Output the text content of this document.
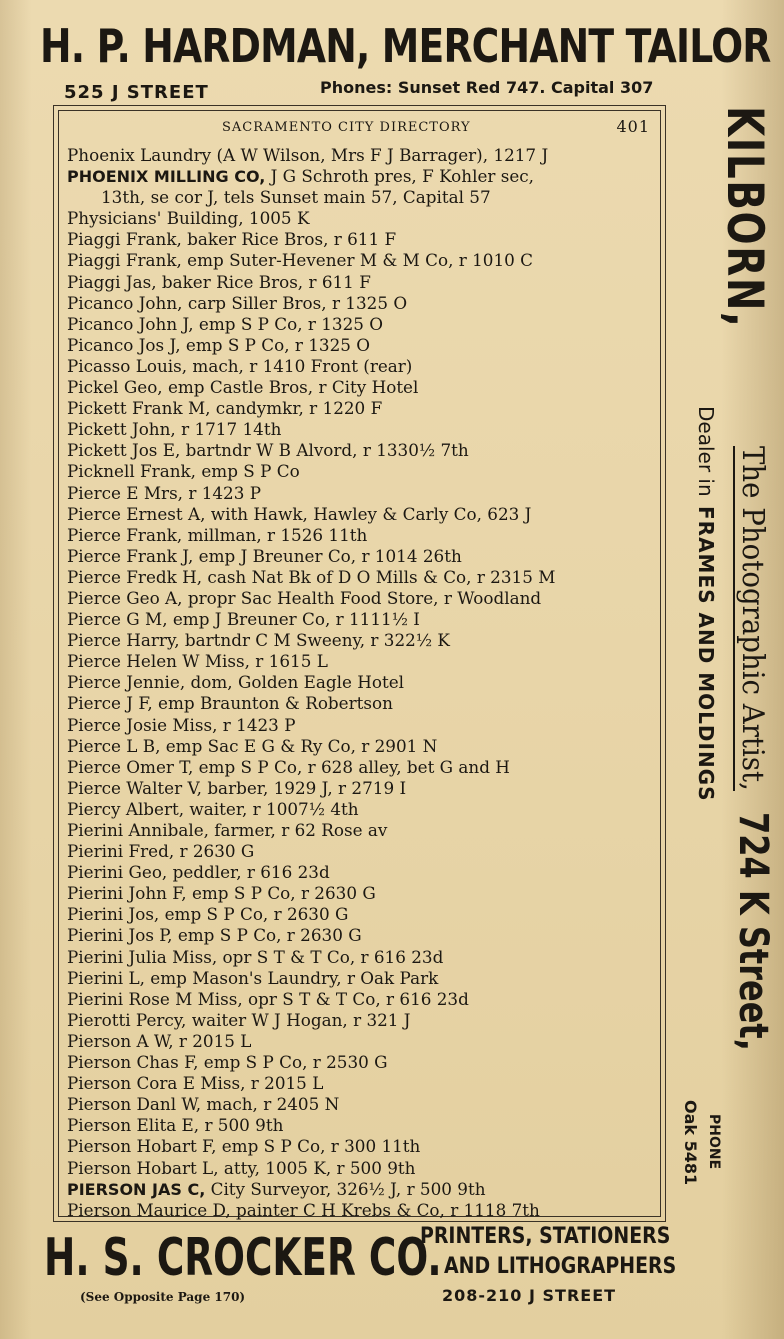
H. P. HARDMAN, MERCHANT TAILOR
525 J STREET	Phones: Sunset Red 747. Capital 307
SACRAMENTO CITY DIRECTORY	401
Phoenix Laundry (A W Wilson, Mrs F J Barrager), 1217 J
PHOENIX MILLING CO, J G Schroth pres, F Kohler sec,
13th, se cor J, tels Sunset main 57, Capital 57
Physicians' Building, 1005 K
Piaggi Frank, baker Rice Bros, r 611 F
Piaggi Frank, emp Suter-Hevener M & M Co, r 1010 C
Piaggi Jas, baker Rice Bros, r 611 F
Picanco John, carp Siller Bros, r 1325 O
Picanco John J, emp S P Co, r 1325 O
Picanco Jos J, emp S P Co, r 1325 O
Picasso Louis, mach, r 1410 Front (rear)
Pickel Geo, emp Castle Bros, r City Hotel
Pickett Frank M, candymkr, r 1220 F
Pickett John, r 1717 14th
Pickett Jos E, bartndr W B Alvord, r 1330½ 7th
Picknell Frank, emp S P Co
Pierce E Mrs, r 1423 P
Pierce Ernest A, with Hawk, Hawley & Carly Co, 623 J
Pierce Frank, millman, r 1526 11th
Pierce Frank J, emp J Breuner Co, r 1014 26th
Pierce Fredk H, cash Nat Bk of D O Mills & Co, r 2315 M
Pierce Geo A, propr Sac Health Food Store, r Woodland
Pierce G M, emp J Breuner Co, r 1111½ I
Pierce Harry, bartndr C M Sweeny, r 322½ K
Pierce Helen W Miss, r 1615 L
Pierce Jennie, dom, Golden Eagle Hotel
Pierce J F, emp Braunton & Robertson
Pierce Josie Miss, r 1423 P
Pierce L B, emp Sac E G & Ry Co, r 2901 N
Pierce Omer T, emp S P Co, r 628 alley, bet G and H
Pierce Walter V, barber, 1929 J, r 2719 I
Piercy Albert, waiter, r 1007½ 4th
Pierini Annibale, farmer, r 62 Rose av
Pierini Fred, r 2630 G
Pierini Geo, peddler, r 616 23d
Pierini John F, emp S P Co, r 2630 G
Pierini Jos, emp S P Co, r 2630 G
Pierini Jos P, emp S P Co, r 2630 G
Pierini Julia Miss, opr S T & T Co, r 616 23d
Pierini L, emp Mason's Laundry, r Oak Park
Pierini Rose M Miss, opr S T & T Co, r 616 23d
Pierotti Percy, waiter W J Hogan, r 321 J
Pierson A W, r 2015 L
Pierson Chas F, emp S P Co, r 2530 G
Pierson Cora E Miss, r 2015 L
Pierson Danl W, mach, r 2405 N
Pierson Elita E, r 500 9th
Pierson Hobart F, emp S P Co, r 300 11th
Pierson Hobart L, atty, 1005 K, r 500 9th
PIERSON JAS C, City Surveyor, 326½ J, r 500 9th
Pierson Maurice D, painter C H Krebs & Co, r 1118 7th
KILBORN,
The Photographic Artist,
724 K Street,
Dealer in
FRAMES AND MOLDINGS
PHONE
Oak 5481
H. S. CROCKER CO.
PRINTERS, STATIONERS
AND LITHOGRAPHERS
(See Opposite Page 170)	208-210 J STREET
